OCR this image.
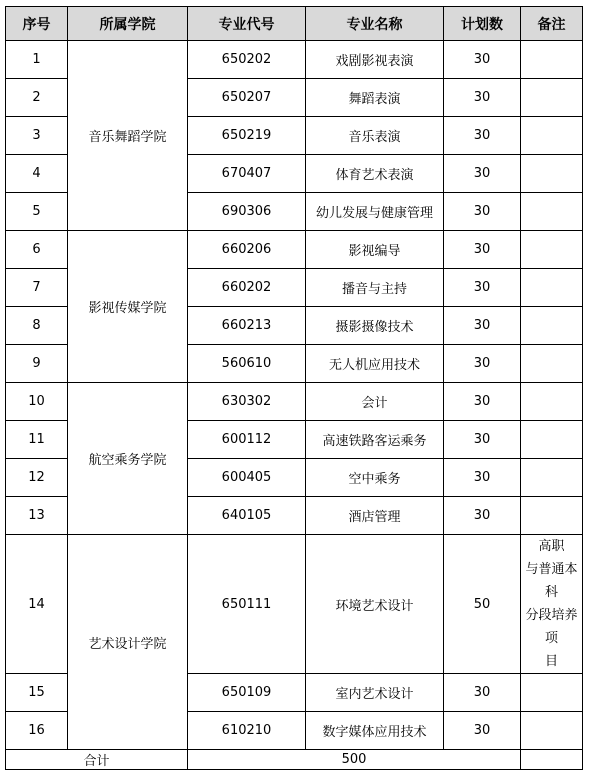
序号	所属学院	专业代号	专业名称	计划数	备注
1	音乐舞蹈学院	650202	戏剧影视表演	30	
2		650207	舞蹈表演	30	
3		650219	音乐表演	30	
4		670407	体育艺术表演	30	
5		690306	幼儿发展与健康管理	30	
6	影视传媒学院	660206	影视编导	30	
7		660202	播音与主持	30	
8		660213	摄影摄像技术	30	
9		560610	无人机应用技术	30	
10	航空乘务学院	630302	会计	30	
11		600112	高速铁路客运乘务	30	
12		600405	空中乘务	30	
13		640105	酒店管理	30	
14	艺术设计学院	650111	环境艺术设计	50	高职
与普通本科
分段培养项
目

15		650109	室内艺术设计	30	
16		610210	数字媒体应用技术	30	
合计		500			
